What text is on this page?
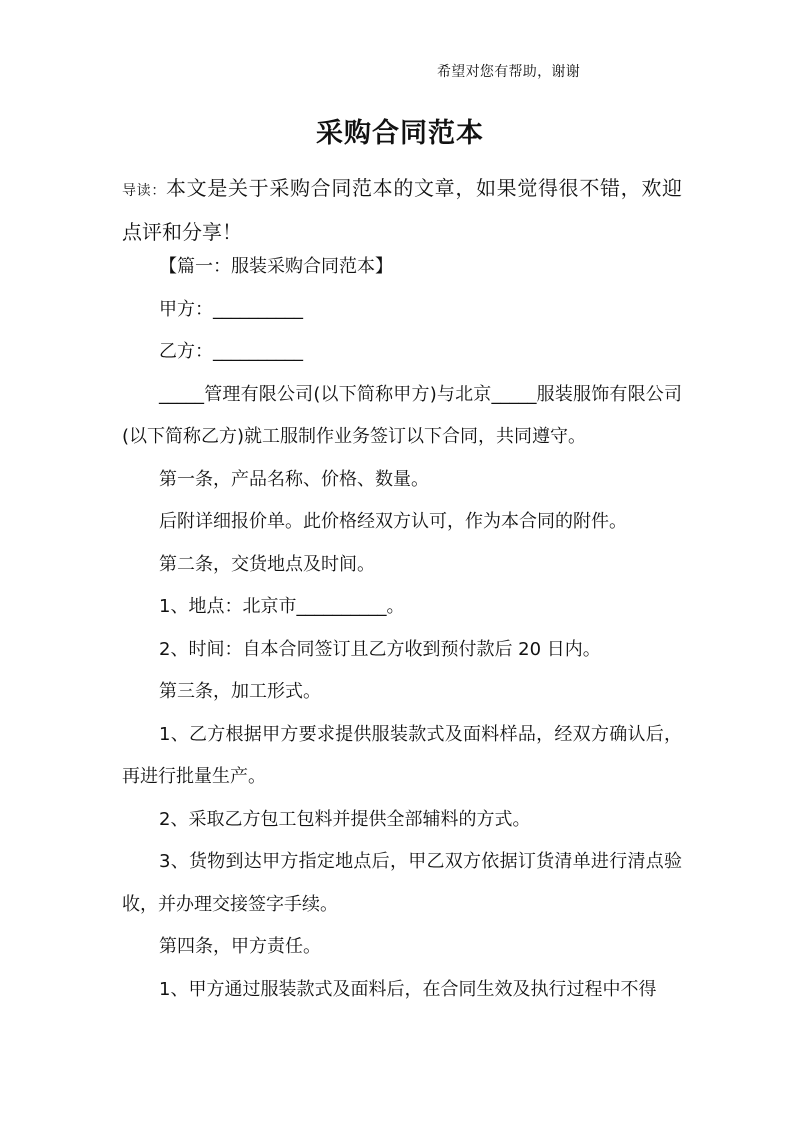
希望对您有帮助，谢谢
采购合同范本
导读：本文是关于采购合同范本的文章，如果觉得很不错，欢迎点评和分享！

【篇一：服装采购合同范本】

甲方：__________

乙方：__________

_____管理有限公司(以下简称甲方)与北京_____服装服饰有限公司(以下简称乙方)就工服制作业务签订以下合同，共同遵守。

第一条，产品名称、价格、数量。

后附详细报价单。此价格经双方认可，作为本合同的附件。

第二条，交货地点及时间。

1、地点：北京市__________。

2、时间：自本合同签订且乙方收到预付款后 20 日内。

第三条，加工形式。

1、乙方根据甲方要求提供服装款式及面料样品，经双方确认后，再进行批量生产。

2、采取乙方包工包料并提供全部辅料的方式。

3、货物到达甲方指定地点后，甲乙双方依据订货清单进行清点验收，并办理交接签字手续。

第四条，甲方责任。

1、甲方通过服装款式及面料后，在合同生效及执行过程中不得
